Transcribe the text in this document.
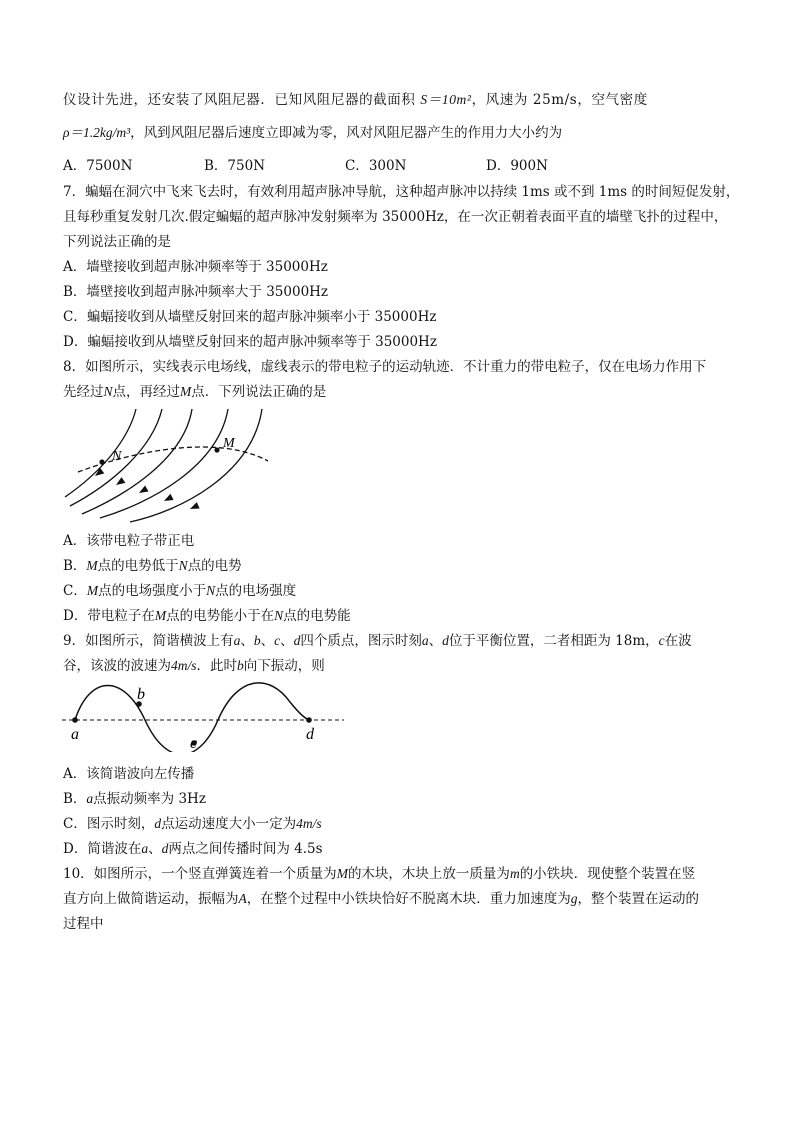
仪设计先进，还安装了风阻尼器．已知风阻尼器的截面积 S＝10m²，风速为 25m/s，空气密度
ρ＝1.2kg/m³，风到风阻尼器后速度立即减为零，风对风阻尼器产生的作用力大小约为
A．7500N	B．750N	C．300N	D．900N
7．蝙蝠在洞穴中飞来飞去时，有效利用超声脉冲导航，这种超声脉冲以持续 1ms 或不到 1ms 的时间短促发射，
且每秒重复发射几次.假定蝙蝠的超声脉冲发射频率为 35000Hz，在一次正朝着表面平直的墙壁飞扑的过程中，
下列说法正确的是
A．墙壁接收到超声脉冲频率等于 35000Hz
B．墙壁接收到超声脉冲频率大于 35000Hz
C．蝙蝠接收到从墙壁反射回来的超声脉冲频率小于 35000Hz
D．蝙蝠接收到从墙壁反射回来的超声脉冲频率等于 35000Hz
8．如图所示，实线表示电场线，虚线表示的带电粒子的运动轨迹．不计重力的带电粒子，仅在电场力作用下
先经过N点，再经过M点．下列说法正确的是
N
M
A．该带电粒子带正电
B．M点的电势低于N点的电势
C．M点的电场强度小于N点的电场强度
D．带电粒子在M点的电势能小于在N点的电势能
9．如图所示，简谐横波上有a、b、c、d四个质点，图示时刻a、d位于平衡位置，二者相距为 18m，c在波
谷，该波的波速为4m/s．此时b向下振动，则
a
b
c
d
A．该简谐波向左传播
B．a点振动频率为 3Hz
C．图示时刻，d点运动速度大小一定为4m/s
D．简谐波在a、d两点之间传播时间为 4.5s
10．如图所示，一个竖直弹簧连着一个质量为M的木块，木块上放一质量为m的小铁块．现使整个装置在竖
直方向上做简谐运动，振幅为A，在整个过程中小铁块恰好不脱离木块．重力加速度为g，整个装置在运动的
过程中
